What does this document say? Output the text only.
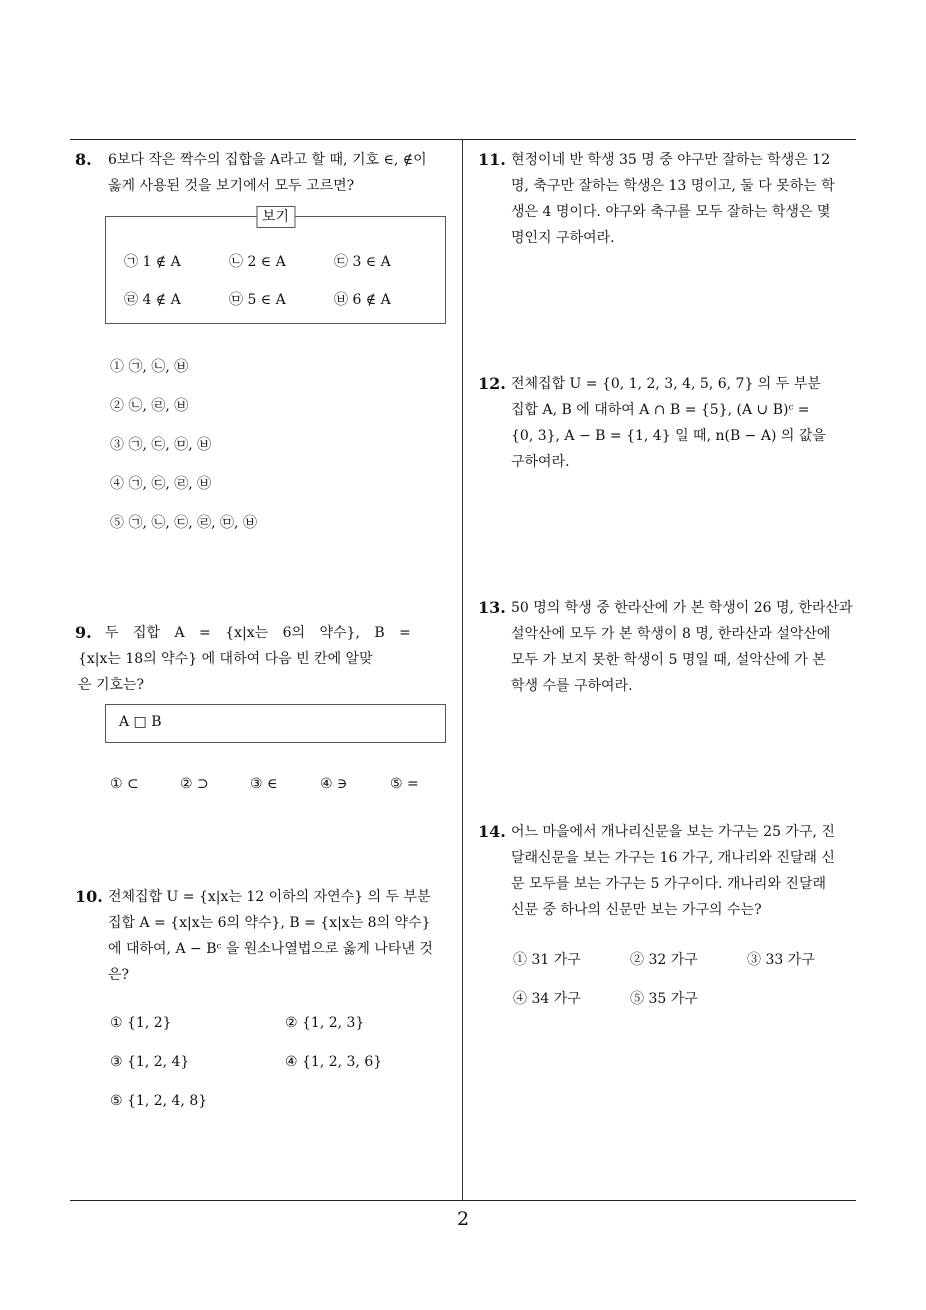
2
8. 6보다 작은 짝수의 집합을 A라고 할 때, 기호 ∈, ∉이
옳게 사용된 것을 보기에서 모두 고르면?
보기
㉠ 1 ∉ A	㉡ 2 ∈ A	㉢ 3 ∈ A
㉣ 4 ∉ A	㉤ 5 ∈ A	㉥ 6 ∉ A
① ㉠, ㉡, ㉥
② ㉡, ㉣, ㉥
③ ㉠, ㉢, ㉤, ㉥
④ ㉠, ㉢, ㉣, ㉥
⑤ ㉠, ㉡, ㉢, ㉣, ㉤, ㉥
9. 두 집합 A = {x|x는 6의 약수}, B =
{x|x는 18의 약수} 에 대하여 다음 빈 칸에 알맞
은 기호는?
A □ B
① ⊂	② ⊃	③ ∈	④ ∋	⑤ =
10. 전체집합 U = {x|x는 12 이하의 자연수} 의 두 부분
집합 A = {x|x는 6의 약수}, B = {x|x는 8의 약수}
에 대하여, A − Bᶜ 을 원소나열법으로 옳게 나타낸 것
은?
① {1, 2}	② {1, 2, 3}
③ {1, 2, 4}	④ {1, 2, 3, 6}
⑤ {1, 2, 4, 8}
11. 현정이네 반 학생 35 명 중 야구만 잘하는 학생은 12
명, 축구만 잘하는 학생은 13 명이고, 둘 다 못하는 학
생은 4 명이다. 야구와 축구를 모두 잘하는 학생은 몇
명인지 구하여라.
12. 전체집합 U = {0, 1, 2, 3, 4, 5, 6, 7} 의 두 부분
집합 A, B 에 대하여 A ∩ B = {5}, (A ∪ B)ᶜ =
{0, 3}, A − B = {1, 4} 일 때, n(B − A) 의 값을
구하여라.
13. 50 명의 학생 중 한라산에 가 본 학생이 26 명, 한라산과
설악산에 모두 가 본 학생이 8 명, 한라산과 설악산에
모두 가 보지 못한 학생이 5 명일 때, 설악산에 가 본
학생 수를 구하여라.
14. 어느 마을에서 개나리신문을 보는 가구는 25 가구, 진
달래신문을 보는 가구는 16 가구, 개나리와 진달래 신
문 모두를 보는 가구는 5 가구이다. 개나리와 진달래
신문 중 하나의 신문만 보는 가구의 수는?
① 31 가구	② 32 가구	③ 33 가구
④ 34 가구	⑤ 35 가구
